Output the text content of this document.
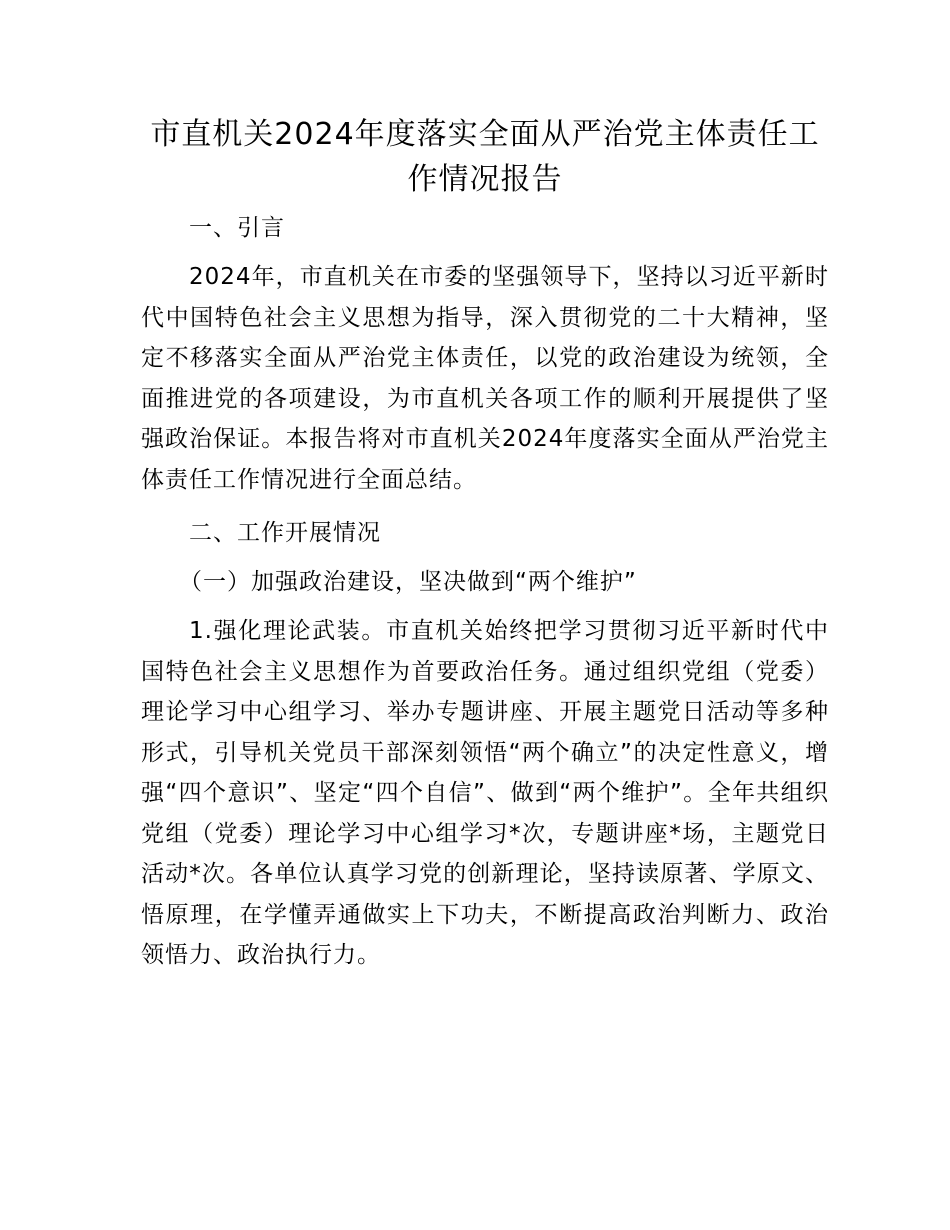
市直机关2024年度落实全面从严治党主体责任工作情况报告
一、引言

2024年，市直机关在市委的坚强领导下，坚持以习近平新时代中国特色社会主义思想为指导，深入贯彻党的二十大精神，坚定不移落实全面从严治党主体责任，以党的政治建设为统领，全面推进党的各项建设，为市直机关各项工作的顺利开展提供了坚强政治保证。本报告将对市直机关2024年度落实全面从严治党主体责任工作情况进行全面总结。

二、工作开展情况
（一）加强政治建设，坚决做到“两个维护”

1.强化理论武装。市直机关始终把学习贯彻习近平新时代中国特色社会主义思想作为首要政治任务。通过组织党组（党委）理论学习中心组学习、举办专题讲座、开展主题党日活动等多种形式，引导机关党员干部深刻领悟“两个确立”的决定性意义，增强“四个意识”、坚定“四个自信”、做到“两个维护”。全年共组织党组（党委）理论学习中心组学习*次，专题讲座*场，主题党日活动*次。各单位认真学习党的创新理论，坚持读原著、学原文、悟原理，在学懂弄通做实上下功夫，不断提高政治判断力、政治领悟力、政治执行力。
